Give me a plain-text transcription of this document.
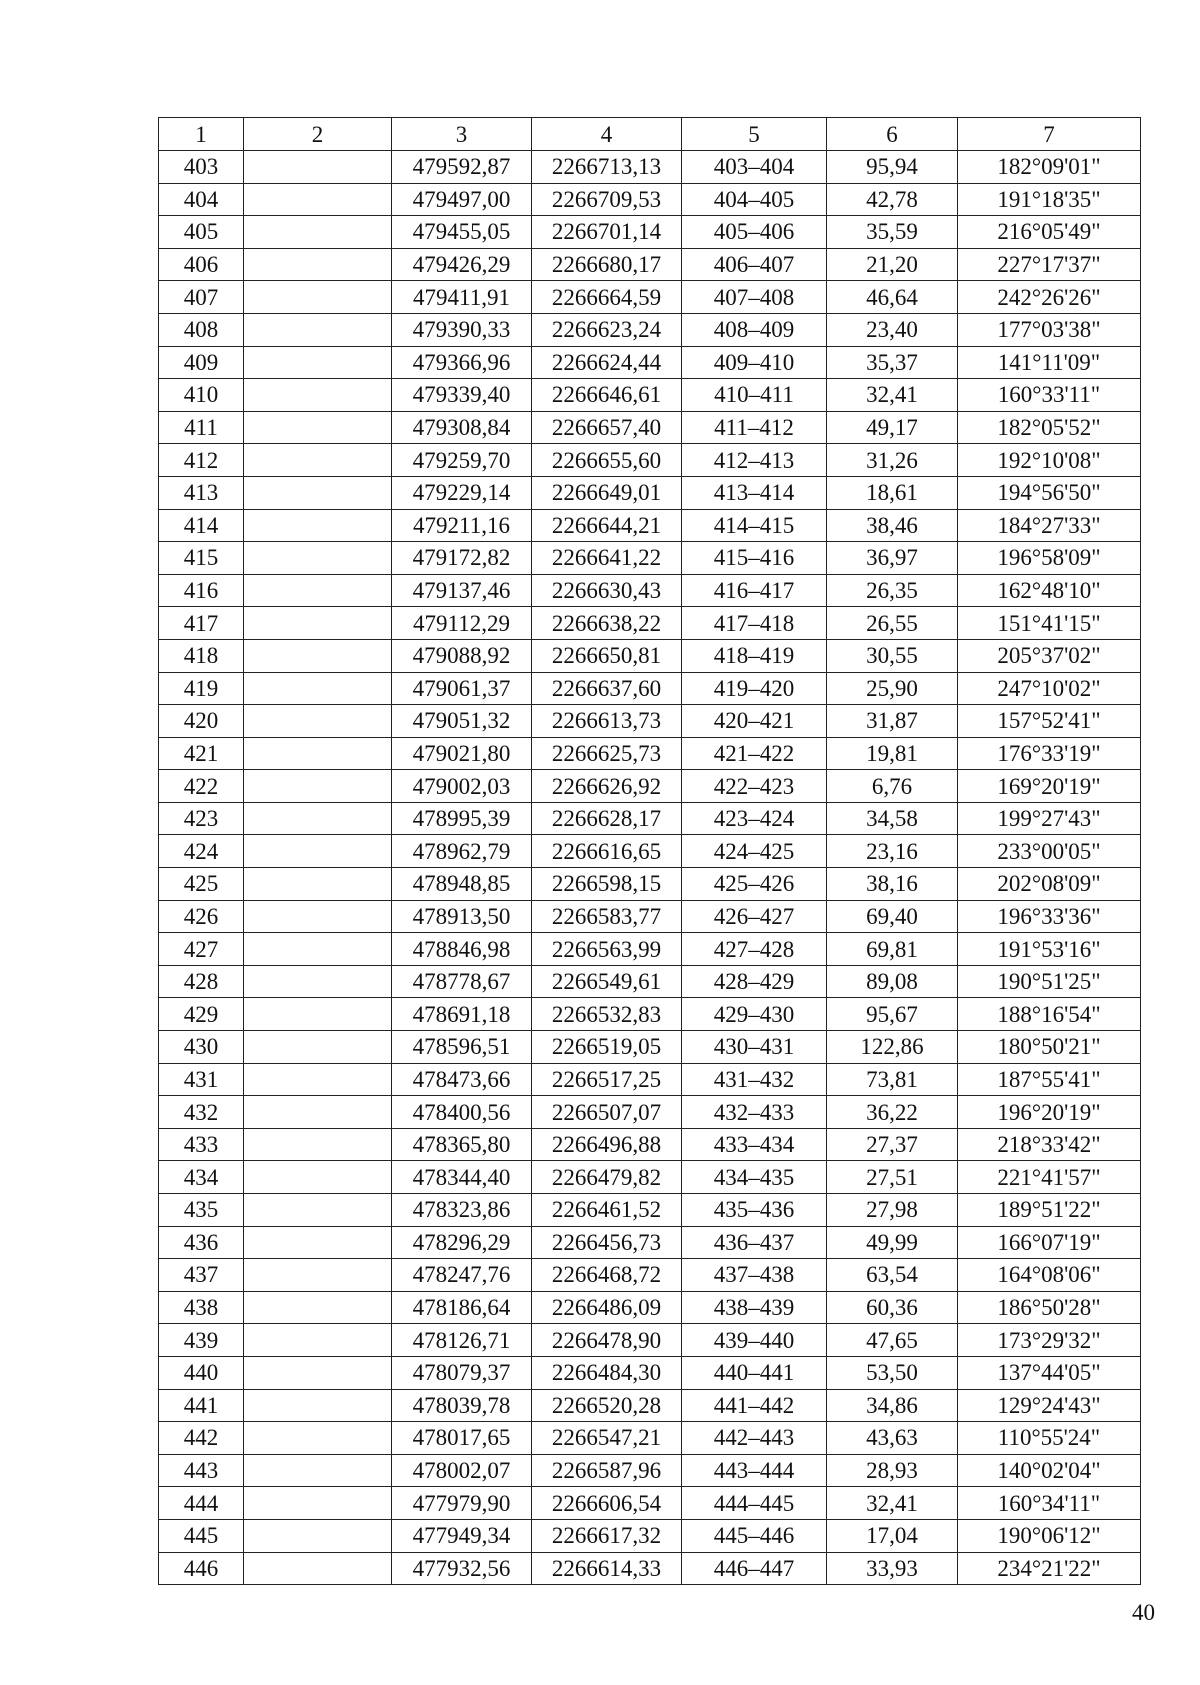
1	2	3	4	5	6	7
403		479592,87	2266713,13	403–404	95,94	182°09'01"
404		479497,00	2266709,53	404–405	42,78	191°18'35"
405		479455,05	2266701,14	405–406	35,59	216°05'49"
406		479426,29	2266680,17	406–407	21,20	227°17'37"
407		479411,91	2266664,59	407–408	46,64	242°26'26"
408		479390,33	2266623,24	408–409	23,40	177°03'38"
409		479366,96	2266624,44	409–410	35,37	141°11'09"
410		479339,40	2266646,61	410–411	32,41	160°33'11"
411		479308,84	2266657,40	411–412	49,17	182°05'52"
412		479259,70	2266655,60	412–413	31,26	192°10'08"
413		479229,14	2266649,01	413–414	18,61	194°56'50"
414		479211,16	2266644,21	414–415	38,46	184°27'33"
415		479172,82	2266641,22	415–416	36,97	196°58'09"
416		479137,46	2266630,43	416–417	26,35	162°48'10"
417		479112,29	2266638,22	417–418	26,55	151°41'15"
418		479088,92	2266650,81	418–419	30,55	205°37'02"
419		479061,37	2266637,60	419–420	25,90	247°10'02"
420		479051,32	2266613,73	420–421	31,87	157°52'41"
421		479021,80	2266625,73	421–422	19,81	176°33'19"
422		479002,03	2266626,92	422–423	6,76	169°20'19"
423		478995,39	2266628,17	423–424	34,58	199°27'43"
424		478962,79	2266616,65	424–425	23,16	233°00'05"
425		478948,85	2266598,15	425–426	38,16	202°08'09"
426		478913,50	2266583,77	426–427	69,40	196°33'36"
427		478846,98	2266563,99	427–428	69,81	191°53'16"
428		478778,67	2266549,61	428–429	89,08	190°51'25"
429		478691,18	2266532,83	429–430	95,67	188°16'54"
430		478596,51	2266519,05	430–431	122,86	180°50'21"
431		478473,66	2266517,25	431–432	73,81	187°55'41"
432		478400,56	2266507,07	432–433	36,22	196°20'19"
433		478365,80	2266496,88	433–434	27,37	218°33'42"
434		478344,40	2266479,82	434–435	27,51	221°41'57"
435		478323,86	2266461,52	435–436	27,98	189°51'22"
436		478296,29	2266456,73	436–437	49,99	166°07'19"
437		478247,76	2266468,72	437–438	63,54	164°08'06"
438		478186,64	2266486,09	438–439	60,36	186°50'28"
439		478126,71	2266478,90	439–440	47,65	173°29'32"
440		478079,37	2266484,30	440–441	53,50	137°44'05"
441		478039,78	2266520,28	441–442	34,86	129°24'43"
442		478017,65	2266547,21	442–443	43,63	110°55'24"
443		478002,07	2266587,96	443–444	28,93	140°02'04"
444		477979,90	2266606,54	444–445	32,41	160°34'11"
445		477949,34	2266617,32	445–446	17,04	190°06'12"
446		477932,56	2266614,33	446–447	33,93	234°21'22"
40
